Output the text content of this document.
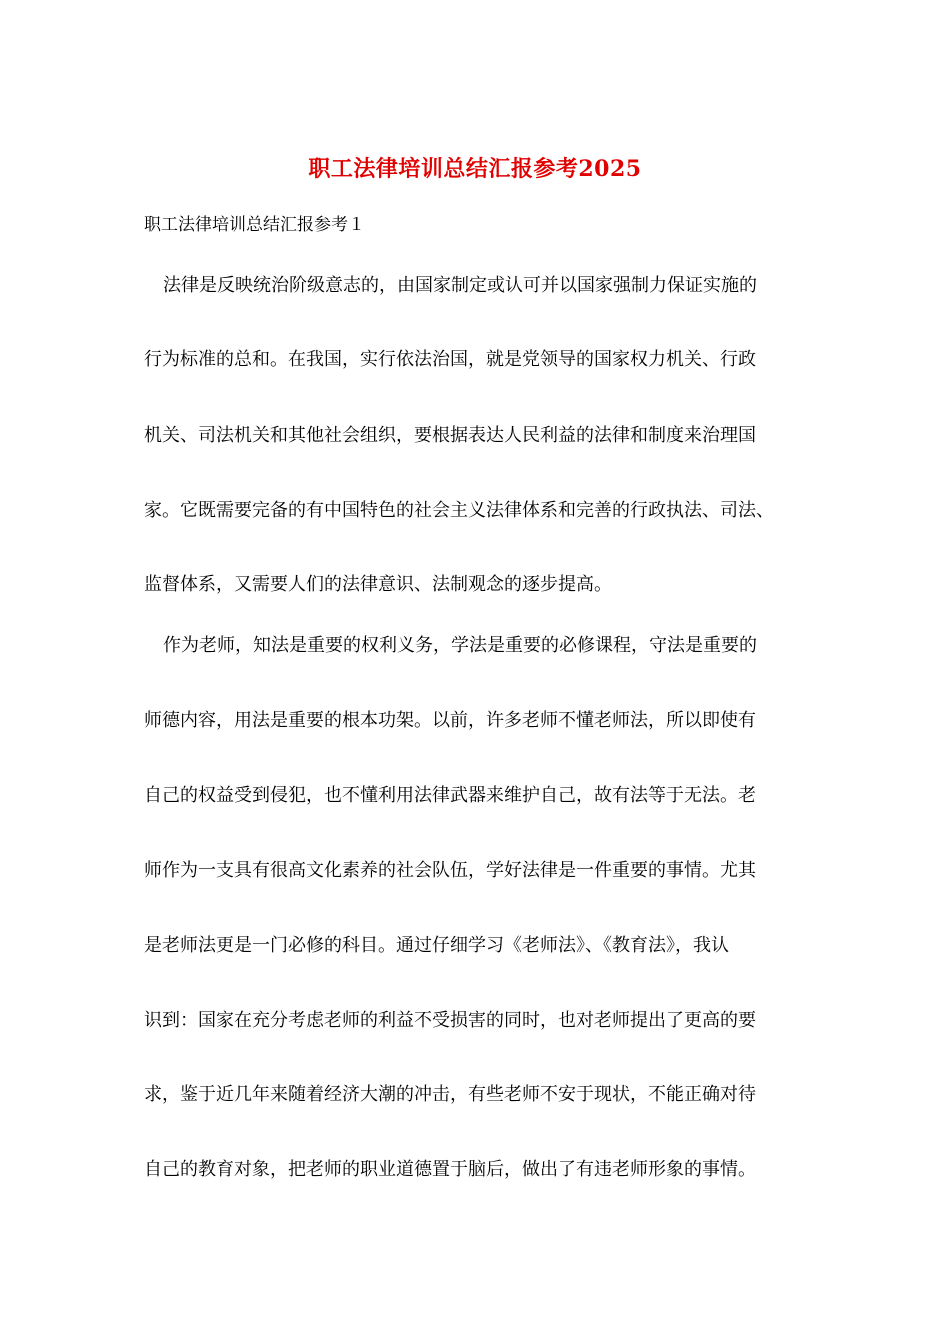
职工法律培训总结汇报参考2025
职工法律培训总结汇报参考１
法律是反映统治阶级意志的，由国家制定或认可并以国家强制力保证实施的
行为标准的总和。在我国，实行依法治国，就是党领导的国家权力机关、行政
机关、司法机关和其他社会组织，要根据表达人民利益的法律和制度来治理国
家。它既需要完备的有中国特色的社会主义法律体系和完善的行政执法、司法、
监督体系，又需要人们的法律意识、法制观念的逐步提高。
作为老师，知法是重要的权利义务，学法是重要的必修课程，守法是重要的
师德内容，用法是重要的根本功架。以前，许多老师不懂老师法，所以即使有
自己的权益受到侵犯，也不懂利用法律武器来维护自己，故有法等于无法。老
师作为一支具有很高文化素养的社会队伍，学好法律是一件重要的事情。尤其
是老师法更是一门必修的科目。通过仔细学习《老师法》、《教育法》，我认
识到：国家在充分考虑老师的利益不受损害的同时，也对老师提出了更高的要
求，鉴于近几年来随着经济大潮的冲击，有些老师不安于现状，不能正确对待
自己的教育对象，把老师的职业道德置于脑后，做出了有违老师形象的事情。
